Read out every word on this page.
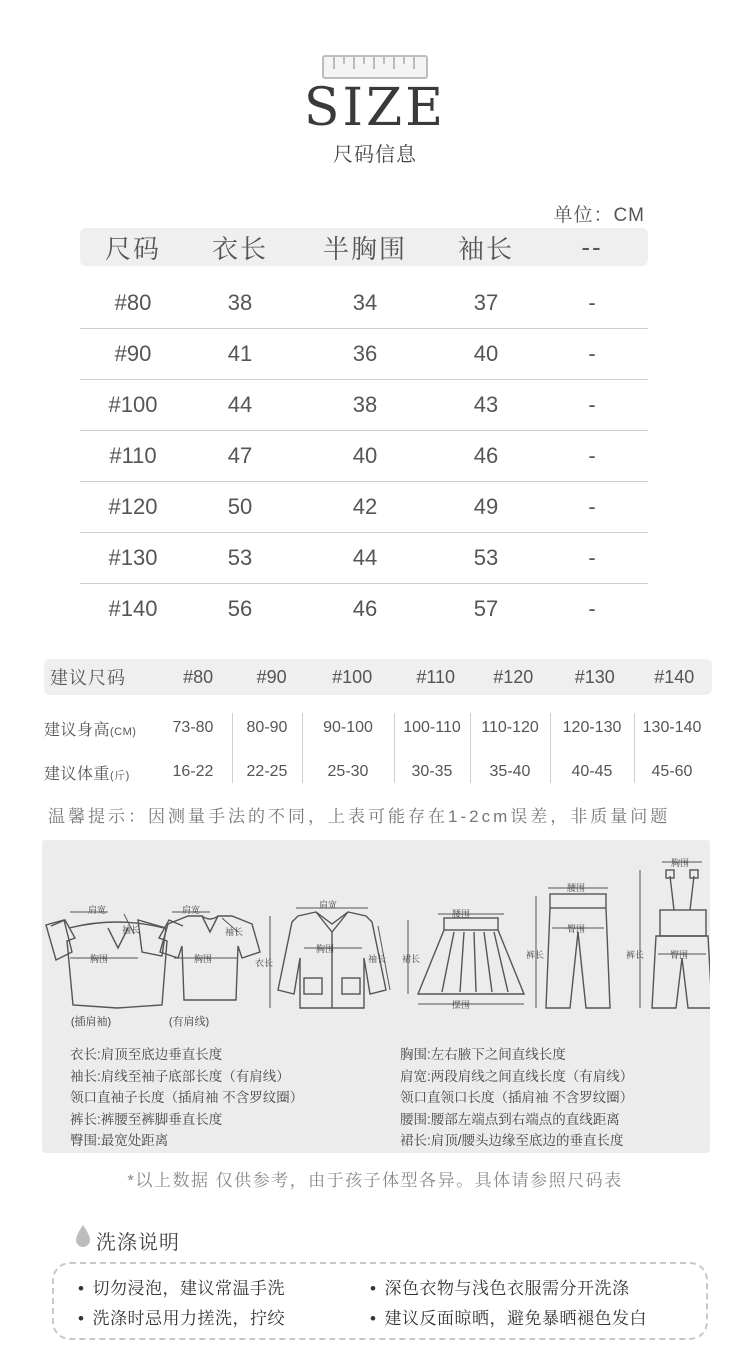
SIZE
尺码信息
单位：CM
尺码	衣长	半胸围	袖长	--
#80	38	34	37	-
#90	41	36	40	-
#100	44	38	43	-
#110	47	40	46	-
#120	50	42	49	-
#130	53	44	53	-
#140	56	46	57	-
建议尺码	#80	#90	#100	#110	#120	#130	#140
建议身高(CM)	73-80	80-90	90-100	100-110	110-120	120-130	130-140
建议体重(斤)	16-22	22-25	25-30	30-35	35-40	40-45	45-60
温馨提示：因测量手法的不同，上表可能存在1-2cm误差，非质量问题
肩宽
袖长
胸围
肩宽
袖长
胸围
肩宽
胸围
衣长	袖长
腰围
摆围
裙长
腰围
臀围
裤长
胸围
臀围
裤长
(插肩袖)	(有肩线)
衣长:肩顶至底边垂直长度
袖长:肩线至袖子底部长度（有肩线）
领口直袖子长度（插肩袖 不含罗纹圈）
裤长:裤腰至裤脚垂直长度
臀围:最宽处距离
胸围:左右腋下之间直线长度
肩宽:两段肩线之间直线长度（有肩线）
领口直领口长度（插肩袖 不含罗纹圈）
腰围:腰部左端点到右端点的直线距离
裙长:肩顶/腰头边缘至底边的垂直长度
*以上数据 仅供参考，由于孩子体型各异。具体请参照尺码表
洗涤说明
• 切勿浸泡，建议常温手洗	• 深色衣物与浅色衣服需分开洗涤
• 洗涤时忌用力搓洗，拧绞	• 建议反面晾晒，避免暴晒褪色发白
